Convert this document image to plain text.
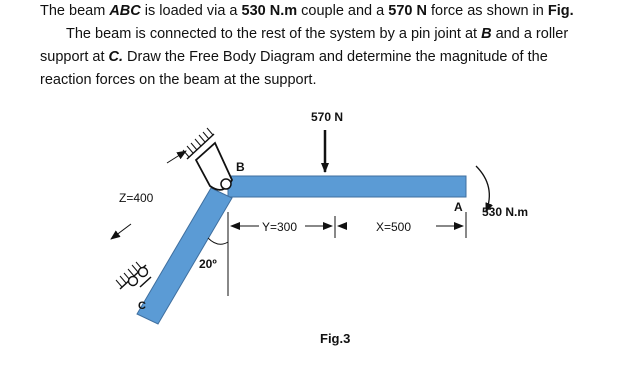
The beam ABC is loaded via a 530 N.m couple and a 570 N force as shown in Fig.

The beam is connected to the rest of the system by a pin joint at B and a roller

support at C. Draw the Free Body Diagram and determine the magnitude of the

reaction forces on the beam at the support.

570 N
530 N.m
A
B
C
Y=300	X=500
Z=400
20º
Fig.3
